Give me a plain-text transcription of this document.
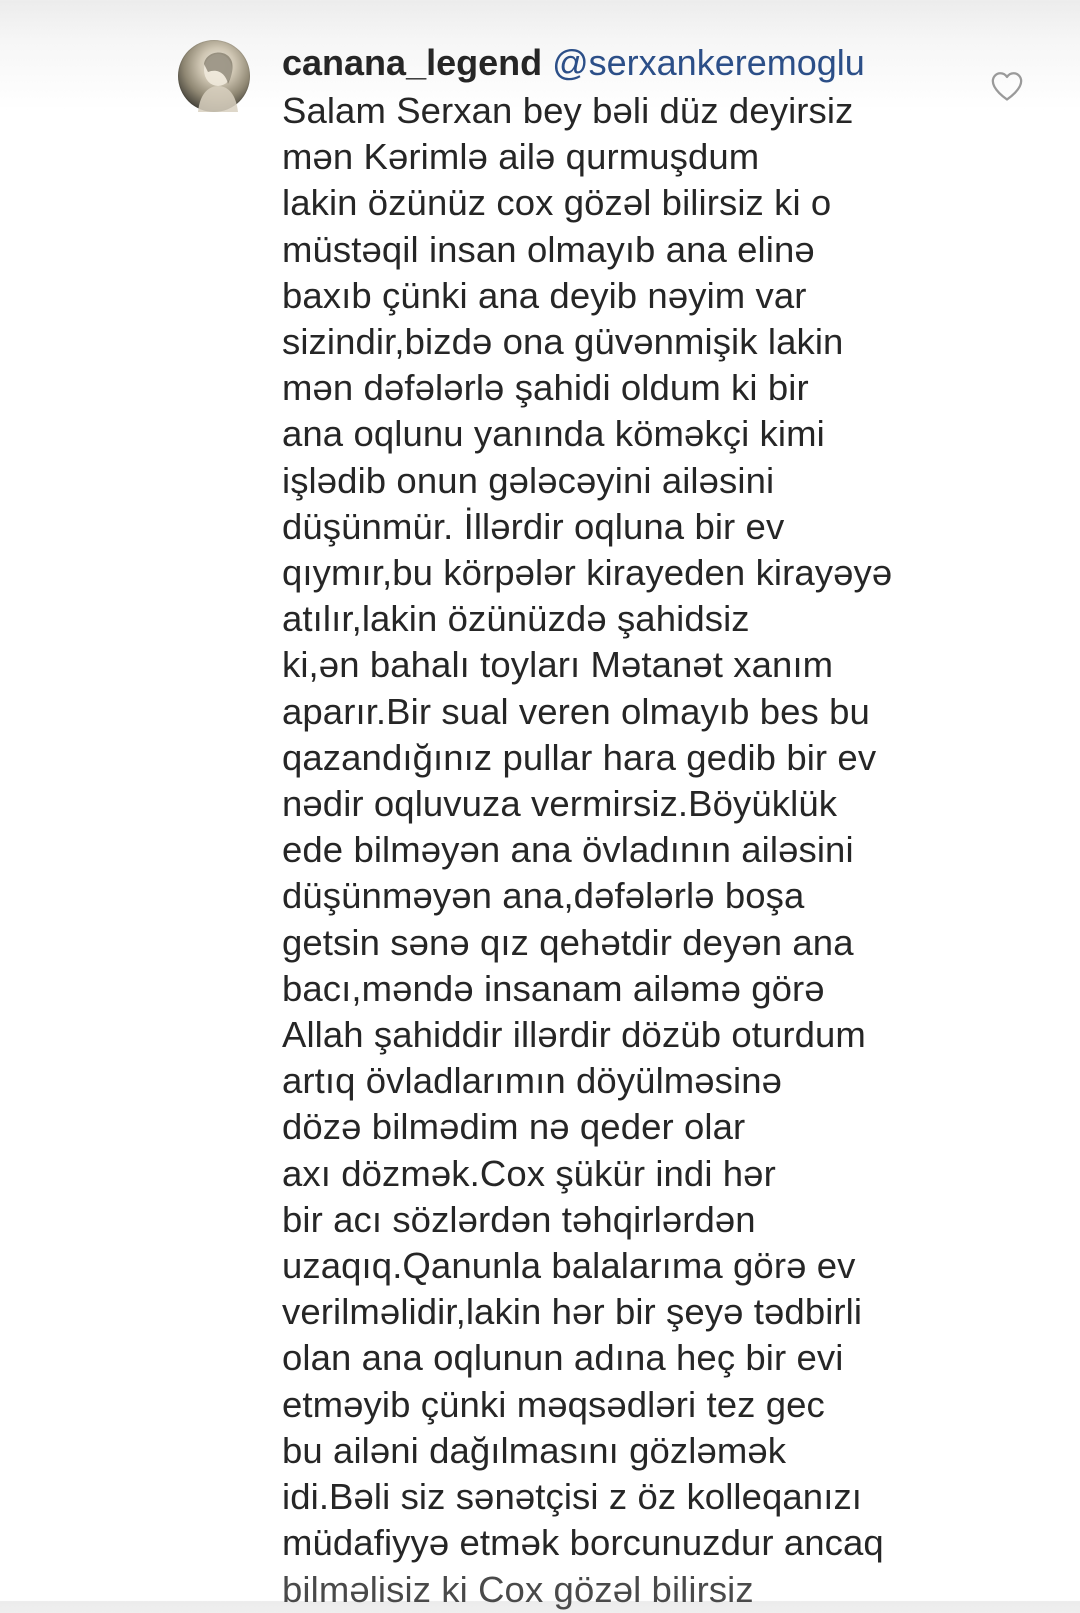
canana_legend @serxankeremoglu
Salam Serxan bey bəli düz deyirsiz
mən Kərimlə ailə qurmuşdum
lakin özünüz cox gözəl bilirsiz ki o
müstəqil insan olmayıb ana elinə
baxıb çünki ana deyib nəyim var
sizindir,bizdə ona güvənmişik lakin
mən dəfələrlə şahidi oldum ki bir
ana oqlunu yanında köməkçi kimi
işlədib onun gələcəyini ailəsini
düşünmür. İllərdir oqluna bir ev
qıymır,bu körpələr kirayeden kirayəyə
atılır,lakin özünüzdə şahidsiz
ki,ən bahalı toyları Mətanət xanım
aparır.Bir sual veren olmayıb bes bu
qazandığınız pullar hara gedib bir ev
nədir oqluvuza vermirsiz.Böyüklük
ede bilməyən ana övladının ailəsini
düşünməyən ana,dəfələrlə boşa
getsin sənə qız qehətdir deyən ana
bacı,məndə insanam ailəmə görə
Allah şahiddir illərdir dözüb oturdum
artıq övladlarımın döyülməsinə
dözə bilmədim nə qeder olar
axı dözmək.Cox şükür indi hər
bir acı sözlərdən təhqirlərdən
uzaqıq.Qanunla balalarıma görə ev
verilməlidir,lakin hər bir şeyə tədbirli
olan ana oqlunun adına heç bir evi
etməyib çünki məqsədləri tez gec
bu ailəni dağılmasını gözləmək
idi.Bəli siz sənətçisi z öz kolleqanızı
müdafiyyə etmək borcunuzdur ancaq
bilməlisiz ki Cox gözəl bilirsiz
